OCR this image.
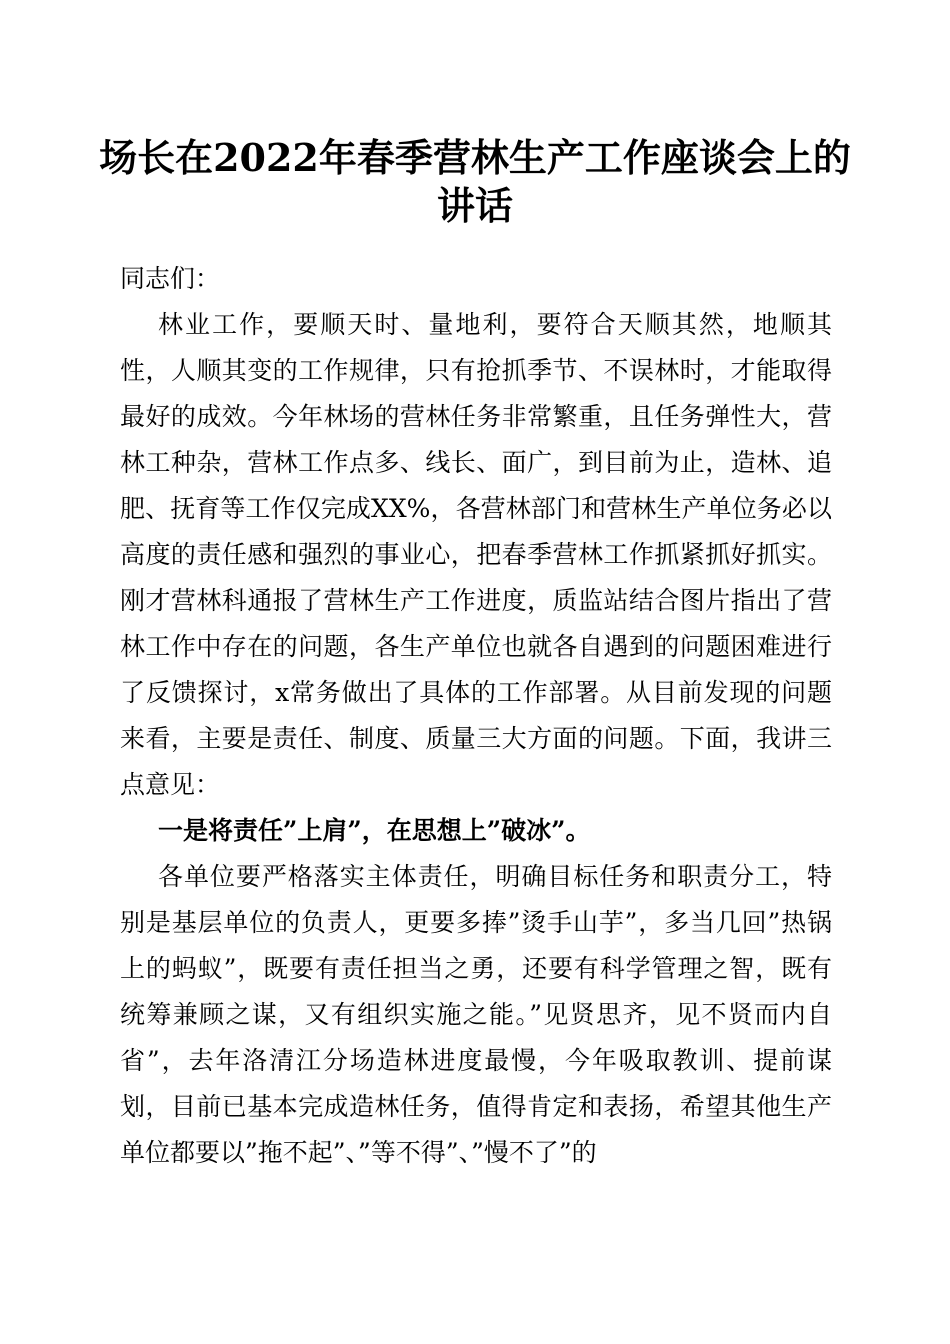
场长在2022年春季营林生产工作座谈会上的
讲话

同志们：

林业工作，要顺天时、量地利，要符合天顺其然，地顺其性，人顺其变的工作规律，只有抢抓季节、不误林时，才能取得最好的成效。今年林场的营林任务非常繁重，且任务弹性大，营林工种杂，营林工作点多、线长、面广，到目前为止，造林、追肥、抚育等工作仅完成XX%，各营林部门和营林生产单位务必以高度的责任感和强烈的事业心，把春季营林工作抓紧抓好抓实。刚才营林科通报了营林生产工作进度，质监站结合图片指出了营林工作中存在的问题，各生产单位也就各自遇到的问题困难进行了反馈探讨，x常务做出了具体的工作部署。从目前发现的问题来看，主要是责任、制度、质量三大方面的问题。下面，我讲三点意见：

一是将责任”上肩”，在思想上”破冰”。

各单位要严格落实主体责任，明确目标任务和职责分工，特别是基层单位的负责人，更要多捧”烫手山芋”，多当几回”热锅上的蚂蚁”，既要有责任担当之勇，还要有科学管理之智，既有统筹兼顾之谋，又有组织实施之能。”见贤思齐，见不贤而内自省”，去年洛清江分场造林进度最慢，今年吸取教训、提前谋划，目前已基本完成造林任务，值得肯定和表扬，希望其他生产单位都要以”拖不起”、”等不得”、”慢不了”的
